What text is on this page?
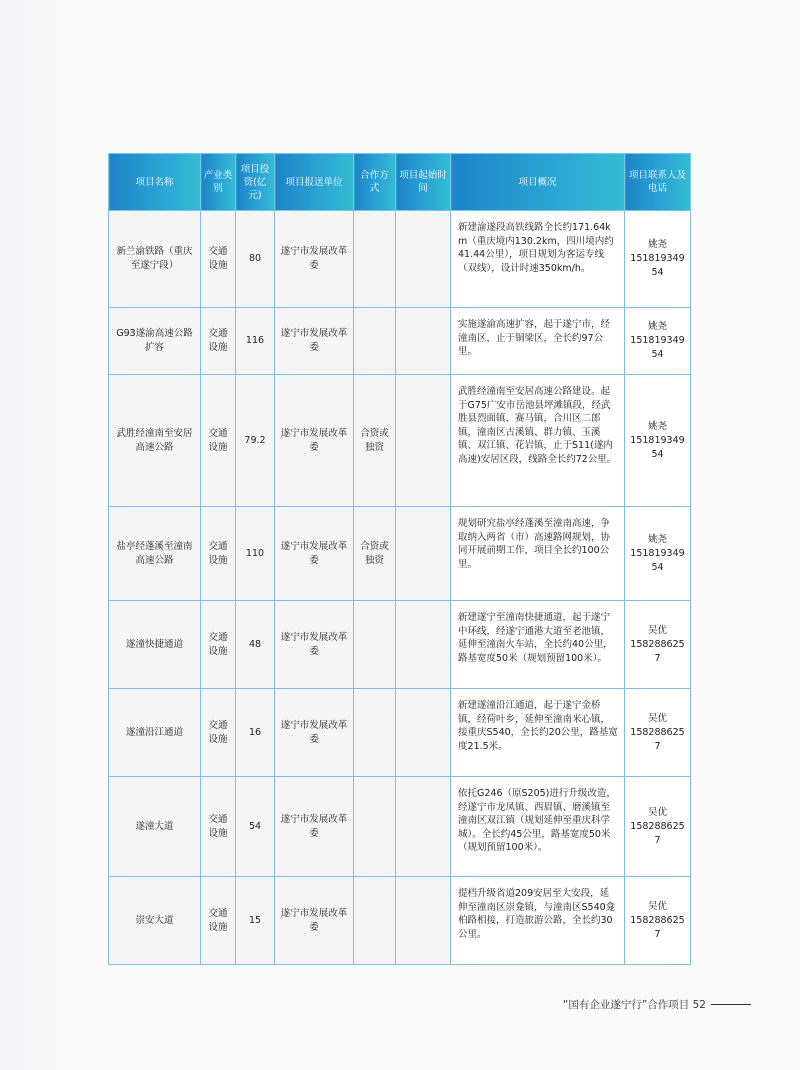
项目名称	产业类别	项目投资(亿元)	项目报送单位	合作方式	项目起始时间	项目概况	项目联系人及电话
新兰渝铁路（重庆至遂宁段）	交通设施	80	遂宁市发展改革委			新建渝遂段高铁线路全长约171.64km（重庆境内130.2km，四川境内约41.44公里），项目规划为客运专线（双线），设计时速350km/h。	姚尧
15181934954

G93遂渝高速公路扩容	交通设施	116	遂宁市发展改革委			实施遂渝高速扩容，起于遂宁市，经潼南区，止于铜梁区，全长约97公里。	姚尧
15181934954

武胜经潼南至安居高速公路	交通设施	79.2	遂宁市发展改革委	合资或独资		武胜经潼南至安居高速公路建设。起于G75广安市岳池县坪滩镇段，经武胜县烈面镇、赛马镇，合川区二郎镇，潼南区古溪镇、群力镇、玉溪镇、双江镇、花岩镇，止于S11(遂内高速)安居区段，线路全长约72公里。	姚尧
15181934954

盐亭经蓬溪至潼南高速公路	交通设施	110	遂宁市发展改革委	合资或独资		规划研究盐亭经蓬溪至潼南高速，争取纳入两省（市）高速路网规划，协同开展前期工作，项目全长约100公里。	姚尧
15181934954

遂潼快捷通道	交通设施	48	遂宁市发展改革委			新建遂宁至潼南快捷通道，起于遂宁中环线，经遂宁通港大道至老池镇，延伸至潼南火车站，全长约40公里，路基宽度50米（规划预留100米）。	吴优
1582886257

遂潼沿江通道	交通设施	16	遂宁市发展改革委			新建遂潼沿江通道，起于遂宁金桥镇，经荷叶乡，延伸至潼南米心镇，接重庆S540，全长约20公里，路基宽度21.5米。	吴优
1582886257

遂潼大道	交通设施	54	遂宁市发展改革委			依托G246（原S205)进行升级改造，经遂宁市龙凤镇、西眉镇、磨溪镇至潼南区双江镇（规划延伸至重庆科学城）。全长约45公里，路基宽度50米（规划预留100米）。	吴优
1582886257

崇安大道	交通设施	15	遂宁市发展改革委			提档升级省道209安居至大安段，延伸至潼南区崇龛镇，与潼南区S540龛柏路相接，打造旅游公路，全长约30公里。	吴优
1582886257
“国有企业遂宁行”合作项目 52
